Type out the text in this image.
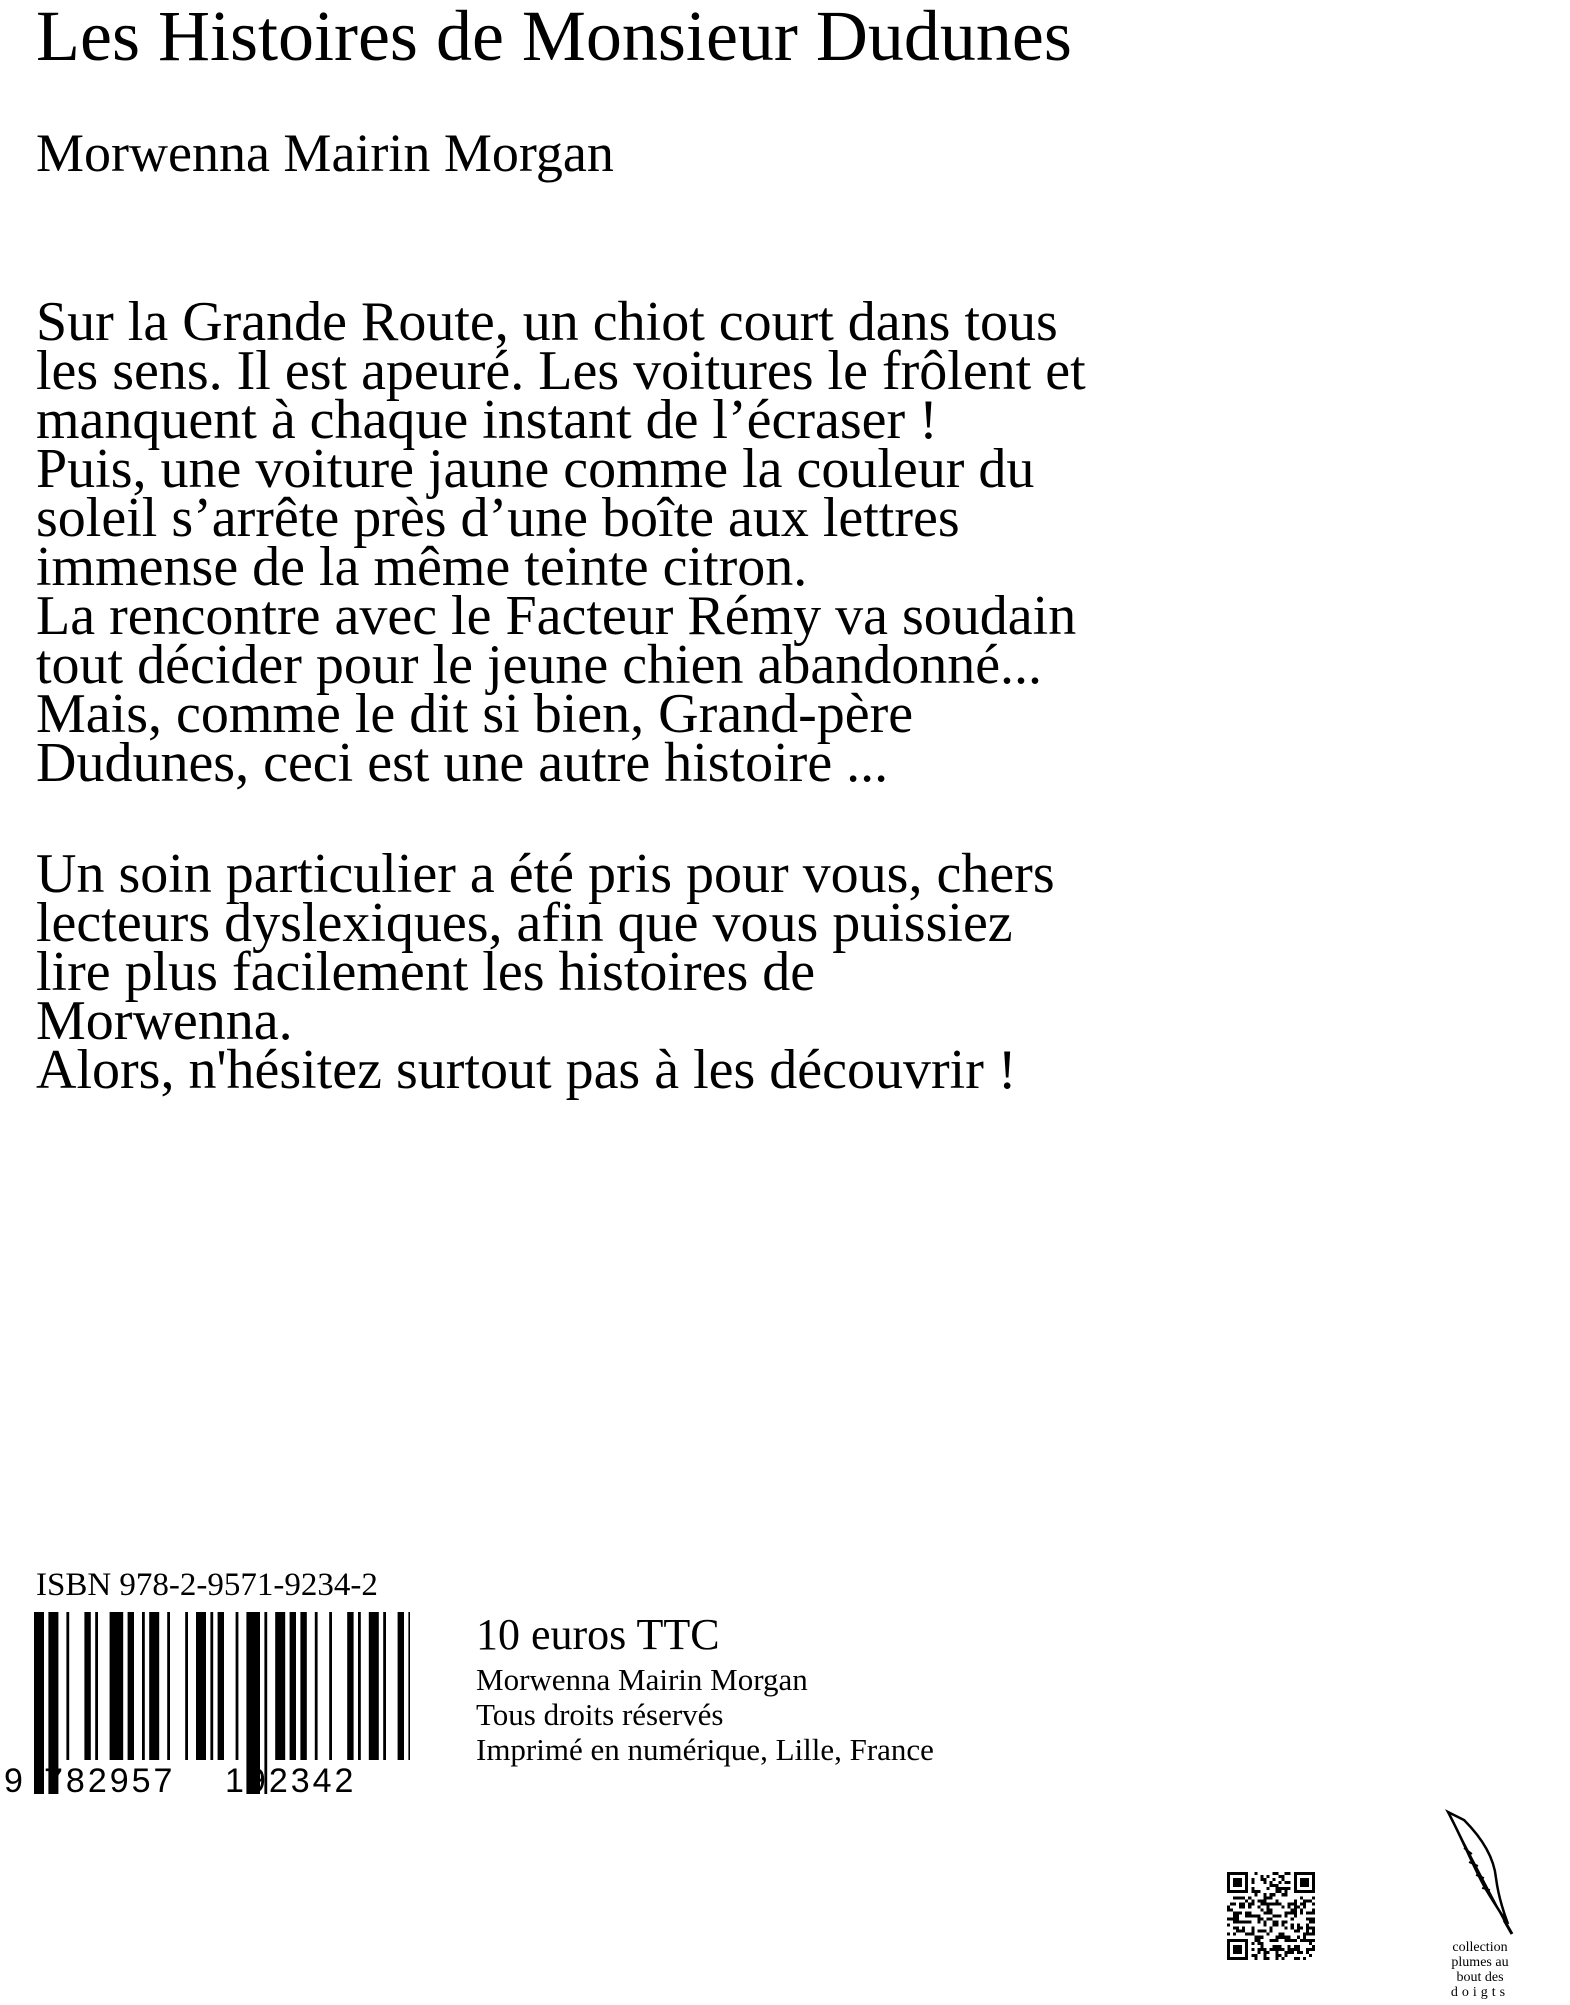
Les Histoires de Monsieur Dudunes
Morwenna Mairin Morgan
Sur la Grande Route, un chiot court dans tous
les sens. Il est apeuré. Les voitures le frôlent et
manquent à chaque instant de l’écraser !
Puis, une voiture jaune comme la couleur du
soleil s’arrête près d’une boîte aux lettres
immense de la même teinte citron.
La rencontre avec le Facteur Rémy va soudain
tout décider pour le jeune chien abandonné...
Mais, comme le dit si bien, Grand-père
Dudunes, ceci est une autre histoire ...
Un soin particulier a été pris pour vous, chers
lecteurs dyslexiques, afin que vous puissiez
lire plus facilement les histoires de
Morwenna.
Alors, n'hésitez surtout pas à les découvrir !
ISBN 978-2-9571-9234-2
9 782957 192342
10 euros TTC
Morwenna Mairin Morgan
Tous droits réservés
Imprimé en numérique, Lille, France
collection
plumes au
bout des
doigts
